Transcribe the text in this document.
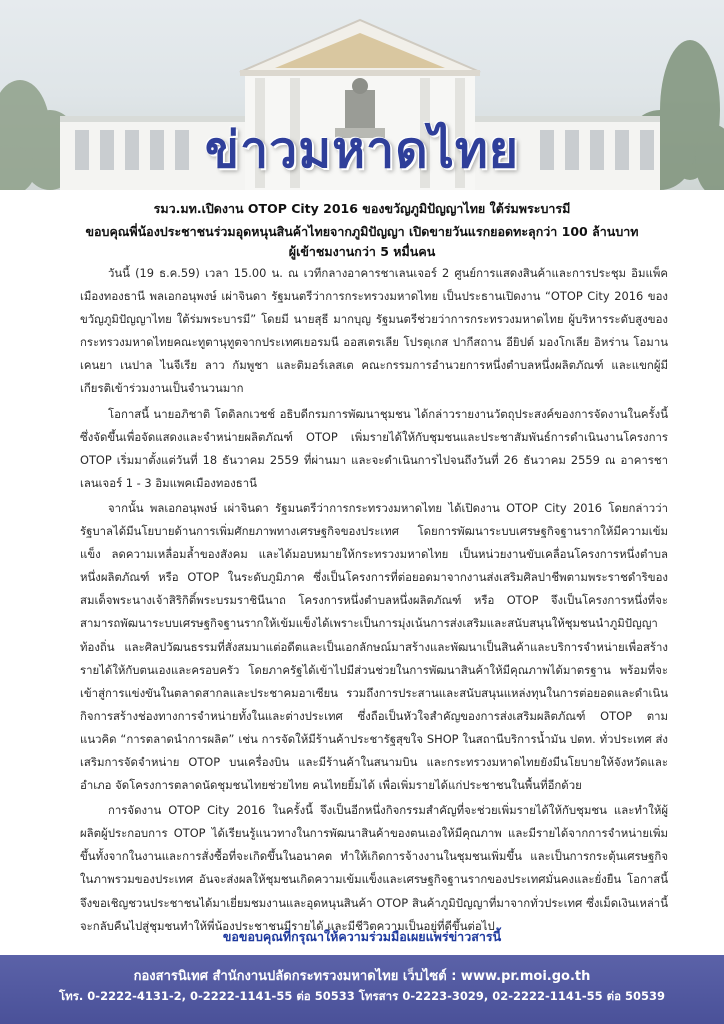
ข่าวมหาดไทย
รมว.มท.เปิดงาน OTOP City 2016 ของขวัญภูมิปัญญาไทย ใต้ร่มพระบารมี
ขอบคุณพี่น้องประชาชนร่วมอุดหนุนสินค้าไทยจากภูมิปัญญา เปิดขายวันแรกยอดทะลุกว่า 100 ล้านบาท
ผู้เข้าชมงานกว่า 5 หมื่นคน

วันนี้ (19 ธ.ค.59) เวลา 15.00 น. ณ เวทีกลางอาคารชาเลนเจอร์ 2 ศูนย์การแสดงสินค้าและการประชุม อิมแพ็ค เมืองทองธานี พลเอกอนุพงษ์ เผ่าจินดา รัฐมนตรีว่าการกระทรวงมหาดไทย เป็นประธานเปิดงาน “OTOP City 2016 ของขวัญภูมิปัญญาไทย ใต้ร่มพระบารมี” โดยมี นายสุธี มากบุญ รัฐมนตรีช่วยว่าการกระทรวงมหาดไทย ผู้บริหารระดับสูงของกระทรวงมหาดไทยคณะทูตานุทูตจากประเทศเยอรมนี ออสเตรเลีย โปรตุเกส ปากีสถาน อียิปต์ มองโกเลีย อิหร่าน โอมาน เคนยา เนปาล ไนจีเรีย ลาว กัมพูชา และติมอร์เลสเต คณะกรรมการอำนวยการหนึ่งตำบลหนึ่งผลิตภัณฑ์ และแขกผู้มีเกียรติเข้าร่วมงานเป็นจำนวนมาก

โอกาสนี้ นายอภิชาติ โตดิลกเวชช์ อธิบดีกรมการพัฒนาชุมชน ได้กล่าวรายงานวัตถุประสงค์ของการจัดงานในครั้งนี้ซึ่งจัดขึ้นเพื่อจัดแสดงและจำหน่ายผลิตภัณฑ์ OTOP เพิ่มรายได้ให้กับชุมชนและประชาสัมพันธ์การดำเนินงานโครงการ OTOP เริ่มมาตั้งแต่วันที่ 18 ธันวาคม 2559 ที่ผ่านมา และจะดำเนินการไปจนถึงวันที่ 26 ธันวาคม 2559 ณ อาคารชาเลนเจอร์ 1 - 3 อิมแพคเมืองทองธานี

จากนั้น พลเอกอนุพงษ์ เผ่าจินดา รัฐมนตรีว่าการกระทรวงมหาดไทย ได้เปิดงาน OTOP City 2016 โดยกล่าวว่า รัฐบาลได้มีนโยบายด้านการเพิ่มศักยภาพทางเศรษฐกิจของประเทศ โดยการพัฒนาระบบเศรษฐกิจฐานรากให้มีความเข้มแข็ง ลดความเหลื่อมล้ำของสังคม และได้มอบหมายให้กระทรวงมหาดไทย เป็นหน่วยงานขับเคลื่อนโครงการหนึ่งตำบล หนึ่งผลิตภัณฑ์ หรือ OTOP ในระดับภูมิภาค ซึ่งเป็นโครงการที่ต่อยอดมาจากงานส่งเสริมศิลปาชีพตามพระราชดำริของสมเด็จพระนางเจ้าสิริกิติ์พระบรมราชินีนาถ โครงการหนึ่งตำบลหนึ่งผลิตภัณฑ์ หรือ OTOP จึงเป็นโครงการหนึ่งที่จะสามารถพัฒนาระบบเศรษฐกิจฐานรากให้เข้มแข็งได้เพราะเป็นการมุ่งเน้นการส่งเสริมและสนับสนุนให้ชุมชนนำภูมิปัญญาท้องถิ่น และศิลปวัฒนธรรมที่สั่งสมมาแต่อดีตและเป็นเอกลักษณ์มาสร้างและพัฒนาเป็นสินค้าและบริการจำหน่ายเพื่อสร้างรายได้ให้กับตนเองและครอบครัว โดยภาครัฐได้เข้าไปมีส่วนช่วยในการพัฒนาสินค้าให้มีคุณภาพได้มาตรฐาน พร้อมที่จะเข้าสู่การแข่งขันในตลาดสากลและประชาคมอาเซียน รวมถึงการประสานและสนับสนุนแหล่งทุนในการต่อยอดและดำเนินกิจการสร้างช่องทางการจำหน่ายทั้งในและต่างประเทศ ซึ่งถือเป็นหัวใจสำคัญของการส่งเสริมผลิตภัณฑ์ OTOP ตามแนวคิด “การตลาดนำการผลิต” เช่น การจัดให้มีร้านค้าประชารัฐสุขใจ SHOP ในสถานีบริการน้ำมัน ปตท. ทั่วประเทศ ส่งเสริมการจัดจำหน่าย OTOP บนเครื่องบิน และมีร้านค้าในสนามบิน และกระทรวงมหาดไทยยังมีนโยบายให้จังหวัดและอำเภอ จัดโครงการตลาดนัดชุมชนไทยช่วยไทย คนไทยยิ้มได้ เพื่อเพิ่มรายได้แก่ประชาชนในพื้นที่อีกด้วย

การจัดงาน OTOP City 2016 ในครั้งนี้ จึงเป็นอีกหนึ่งกิจกรรมสำคัญที่จะช่วยเพิ่มรายได้ให้กับชุมชน และทำให้ผู้ผลิตผู้ประกอบการ OTOP ได้เรียนรู้แนวทางในการพัฒนาสินค้าของตนเองให้มีคุณภาพ และมีรายได้จากการจำหน่ายเพิ่มขึ้นทั้งจากในงานและการสั่งซื้อที่จะเกิดขึ้นในอนาคต ทำให้เกิดการจ้างงานในชุมชนเพิ่มขึ้น และเป็นการกระตุ้นเศรษฐกิจในภาพรวมของประเทศ อันจะส่งผลให้ชุมชนเกิดความเข้มแข็งและเศรษฐกิจฐานรากของประเทศมั่นคงและยั่งยืน โอกาสนี้จึงขอเชิญชวนประชาชนได้มาเยี่ยมชมงานและอุดหนุนสินค้า OTOP สินค้าภูมิปัญญาที่มาจากทั่วประเทศ ซึ่งเม็ดเงินเหล่านี้จะกลับคืนไปสู่ชุมชนทำให้พี่น้องประชาชนมีรายได้ และมีชีวิตความเป็นอยู่ที่ดีขึ้นต่อไป

ขอขอบคุณที่กรุณาให้ความร่วมมือเผยแพร่ข่าวสารนี้
กองสารนิเทศ สำนักงานปลัดกระทรวงมหาดไทย เว็บไซต์ : www.pr.moi.go.th
โทร. 0-2222-4131-2, 0-2222-1141-55 ต่อ 50533 โทรสาร 0-2223-3029, 02-2222-1141-55 ต่อ 50539
